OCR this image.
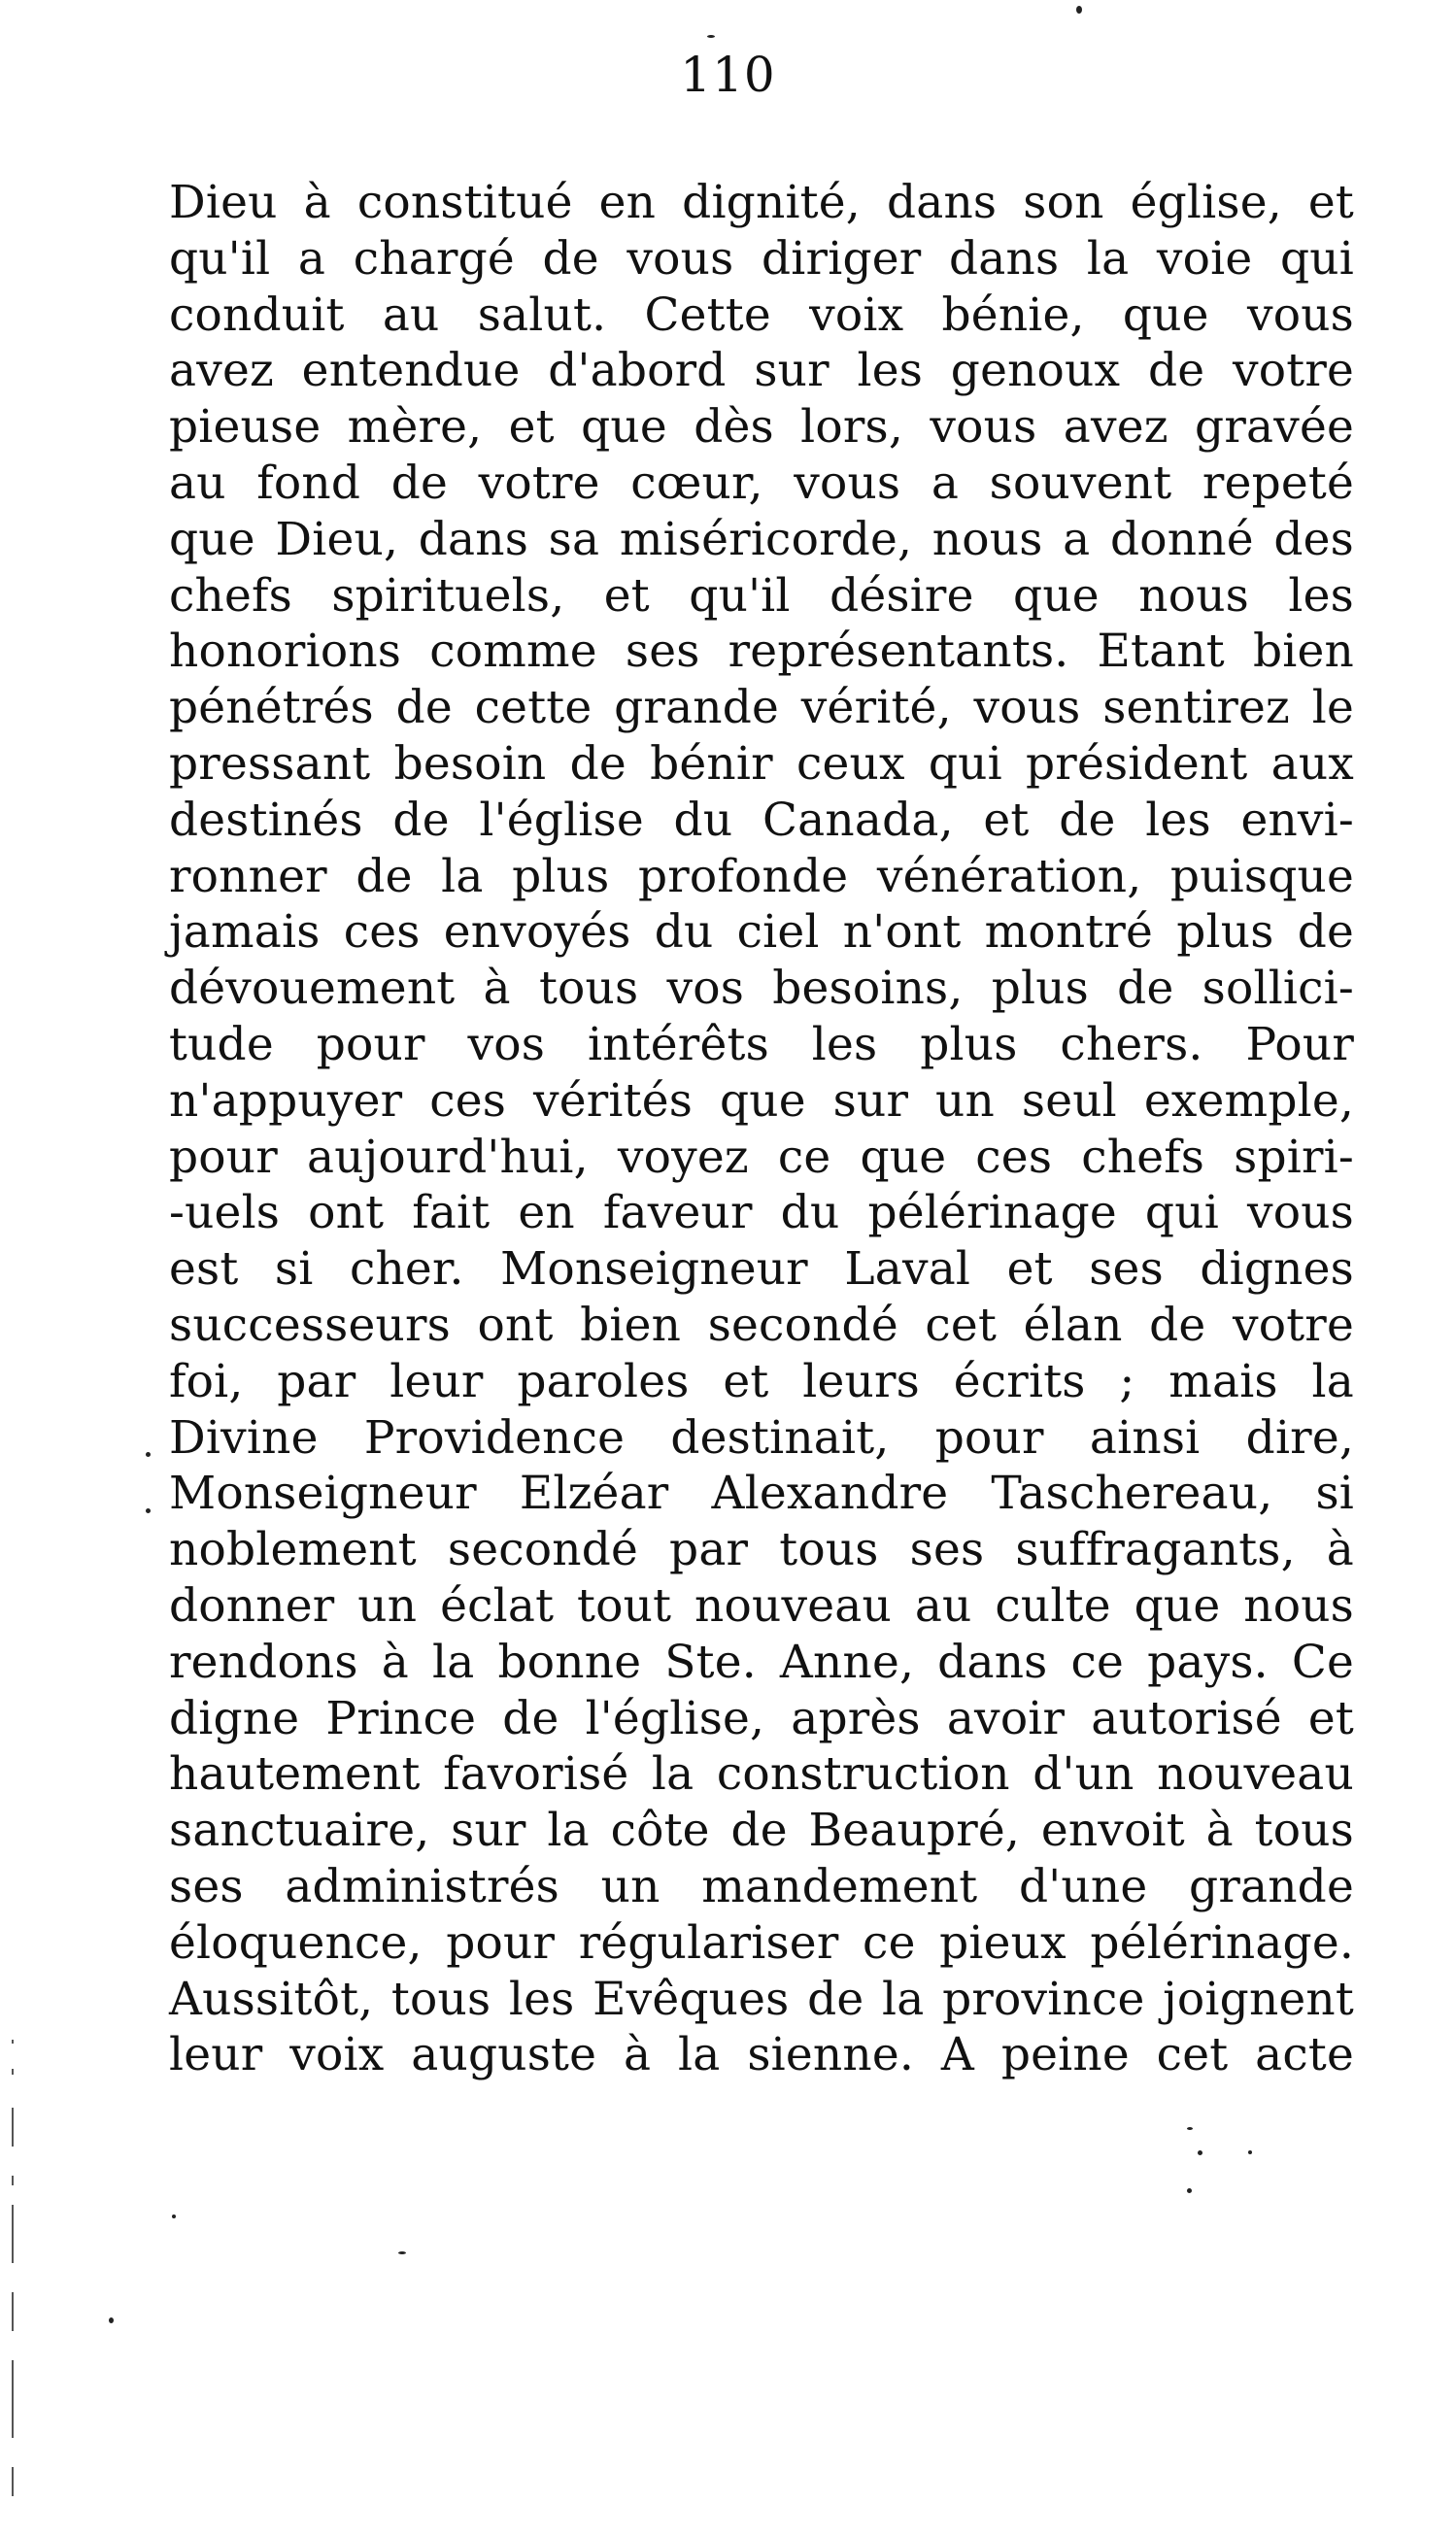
110
Dieu à constitué en dignité, dans son église, et
qu'il a chargé de vous diriger dans la voie qui
conduit au salut. Cette voix bénie, que vous
avez entendue d'abord sur les genoux de votre
pieuse mère, et que dès lors, vous avez gravée
au fond de votre cœur, vous a souvent repeté
que Dieu, dans sa miséricorde, nous a donné des
chefs spirituels, et qu'il désire que nous les
honorions comme ses représentants. Etant bien
pénétrés de cette grande vérité, vous sentirez le
pressant besoin de bénir ceux qui président aux
destinés de l'église du Canada, et de les envi-
ronner de la plus profonde vénération, puisque
jamais ces envoyés du ciel n'ont montré plus de
dévouement à tous vos besoins, plus de sollici-
tude pour vos intérêts les plus chers. Pour
n'appuyer ces vérités que sur un seul exemple,
pour aujourd'hui, voyez ce que ces chefs spiri-
-uels ont fait en faveur du pélérinage qui vous
est si cher. Monseigneur Laval et ses dignes
successeurs ont bien secondé cet élan de votre
foi, par leur paroles et leurs écrits ; mais la
Divine Providence destinait, pour ainsi dire,
Monseigneur Elzéar Alexandre Taschereau, si
noblement secondé par tous ses suffragants, à
donner un éclat tout nouveau au culte que nous
rendons à la bonne Ste. Anne, dans ce pays. Ce
digne Prince de l'église, après avoir autorisé et
hautement favorisé la construction d'un nouveau
sanctuaire, sur la côte de Beaupré, envoit à tous
ses administrés un mandement d'une grande
éloquence, pour régulariser ce pieux pélérinage.
Aussitôt, tous les Evêques de la province joignent
leur voix auguste à la sienne. A peine cet acte
